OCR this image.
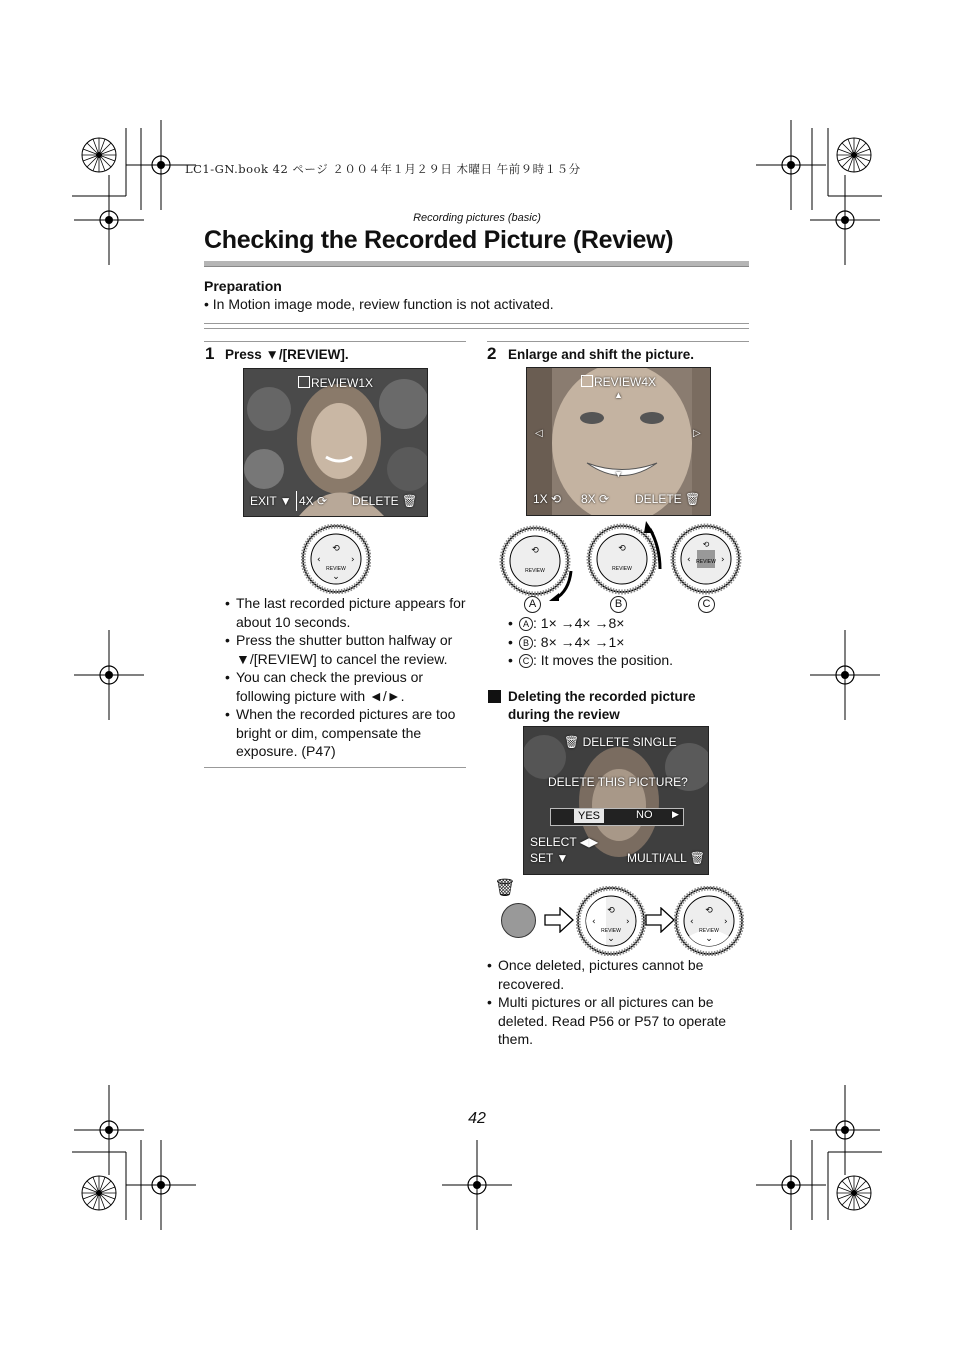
LC1-GN.book 42 ページ ２００４年１月２９日 木曜日 午前９時１５分
Recording pictures (basic)
Checking the Recorded Picture (Review)
Preparation
• In Motion image mode, review function is not activated.
1 Press ▼/[REVIEW].
REVIEW1X
EXIT ▼ 4X ⟳ DELETE 🗑
⟲
‹	›
REVIEW
⌄
• The last recorded picture appears for about 10 seconds.
• Press the shutter button halfway or ▼/[REVIEW] to cancel the review.
• You can check the previous or following picture with ◄/►.
• When the recorded pictures are too bright or dim, compensate the exposure. (P47)
2 Enlarge and shift the picture.
REVIEW4X
▲
▼
◁	▷
1X ⟲ 8X ⟳ DELETE 🗑
⟲
REVIEW
⟲
REVIEW
⟲
‹	›
REVIEW
A	B	C
• A : 1× →4× →8×
• B : 8× →4× →1×
• C : It moves the position.
Deleting the recorded picture
during the review
🗑 DELETE SINGLE
DELETE THIS PICTURE?
YES	NO ▶
SELECT ◀▶
SET ▼	MULTI/ALL 🗑
🗑
⟲
‹	›
REVIEW
⌄
⟲
‹	›
REVIEW
⌄
• Once deleted, pictures cannot be recovered.
• Multi pictures or all pictures can be deleted. Read P56 or P57 to operate them.
42
